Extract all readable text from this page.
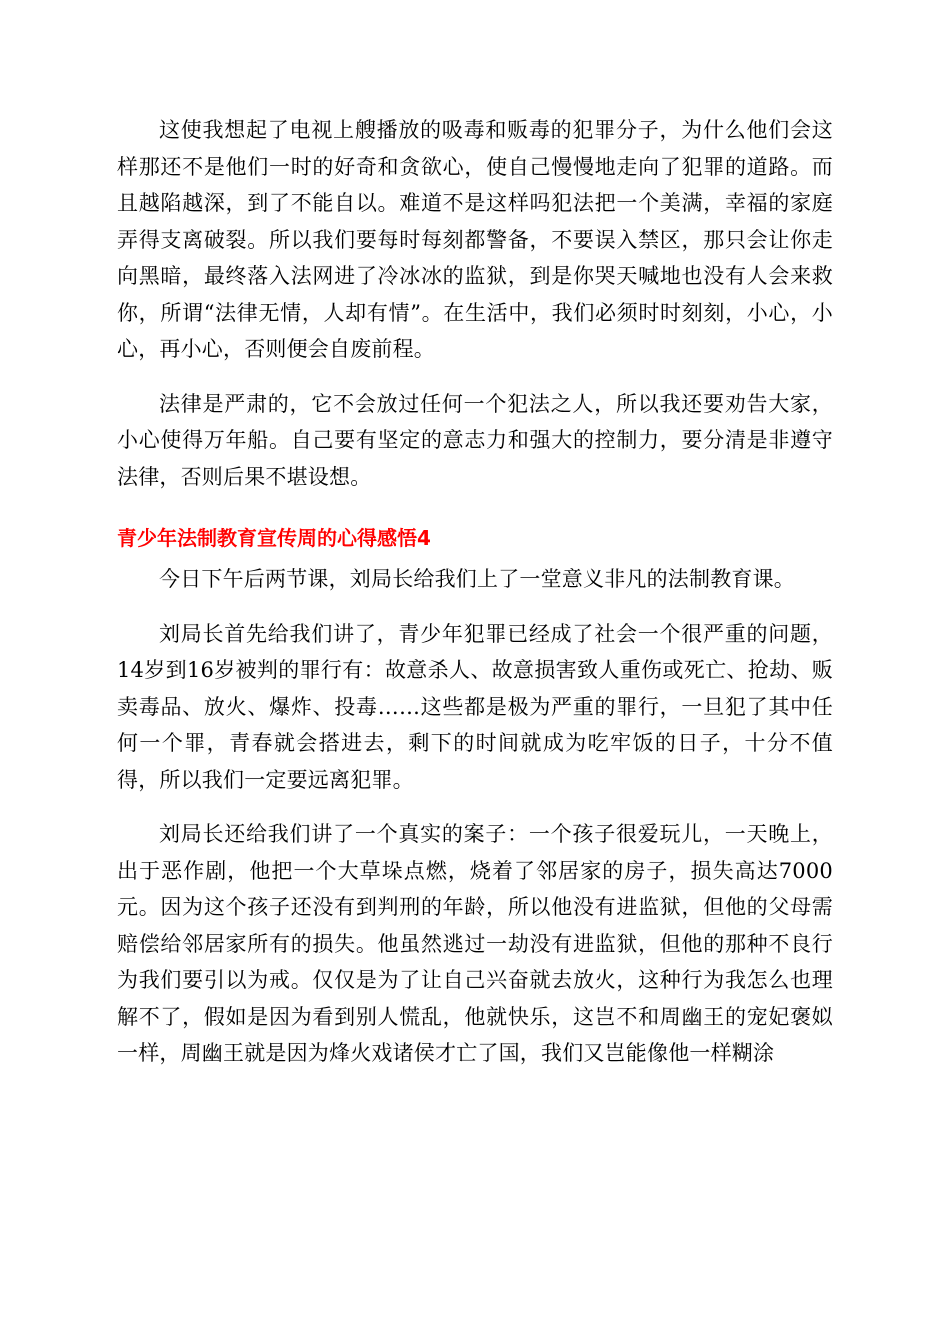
这使我想起了电视上艘播放的吸毒和贩毒的犯罪分子，为什么他们会这样那还不是他们一时的好奇和贪欲心，使自己慢慢地走向了犯罪的道路。而且越陷越深，到了不能自以。难道不是这样吗犯法把一个美满，幸福的家庭弄得支离破裂。所以我们要每时每刻都警备，不要误入禁区，那只会让你走向黑暗，最终落入法网进了冷冰冰的监狱，到是你哭天喊地也没有人会来救你，所谓“法律无情，人却有情”。在生活中，我们必须时时刻刻，小心，小心，再小心，否则便会自废前程。

法律是严肃的，它不会放过任何一个犯法之人，所以我还要劝告大家，小心使得万年船。自己要有坚定的意志力和强大的控制力，要分清是非遵守法律，否则后果不堪设想。

青少年法制教育宣传周的心得感悟4

今日下午后两节课，刘局长给我们上了一堂意义非凡的法制教育课。

刘局长首先给我们讲了，青少年犯罪已经成了社会一个很严重的问题，14岁到16岁被判的罪行有：故意杀人、故意损害致人重伤或死亡、抢劫、贩卖毒品、放火、爆炸、投毒……这些都是极为严重的罪行，一旦犯了其中任何一个罪，青春就会搭进去，剩下的时间就成为吃牢饭的日子，十分不值得，所以我们一定要远离犯罪。

刘局长还给我们讲了一个真实的案子：一个孩子很爱玩儿，一天晚上，出于恶作剧，他把一个大草垛点燃，烧着了邻居家的房子，损失高达7000元。因为这个孩子还没有到判刑的年龄，所以他没有进监狱，但他的父母需赔偿给邻居家所有的损失。他虽然逃过一劫没有进监狱，但他的那种不良行为我们要引以为戒。仅仅是为了让自己兴奋就去放火，这种行为我怎么也理解不了，假如是因为看到别人慌乱，他就快乐，这岂不和周幽王的宠妃褒姒一样，周幽王就是因为烽火戏诸侯才亡了国，我们又岂能像他一样糊涂
